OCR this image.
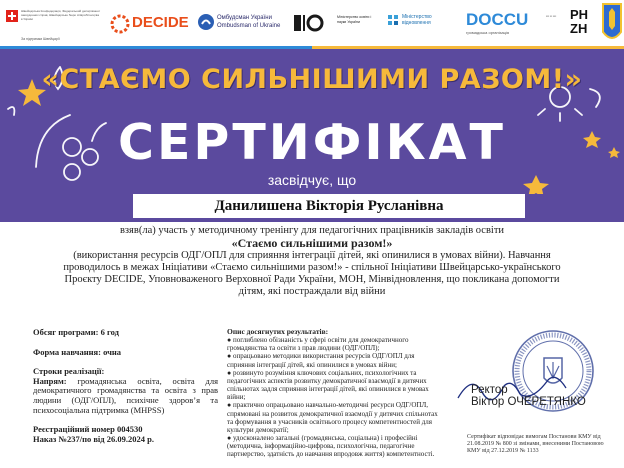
Швейцарська Конфедерація, Федеральний департамент закордонних справ, Швейцарське бюро співробітництва в Україні
За підтримки Швейцарії
DECIDE	Омбудсман України
Ombudsman of Ukraine
Міністерство освіти і науки України
Міністерство відновлення	DOCCU
громадська організація
▪▪▪ ▪▪ ▪▪▪ PH
ZH
«СТАЄМО СИЛЬНІШИМИ РАЗОМ!»
СЕРТИФІКАТ
засвідчує, що
Данилишена Вікторія Русланівна
взяв(ла) участь у методичному тренінгу для педагогічних працівників закладів освіти
«Стаємо сильнішими разом!»
(використання ресурсів ОДГ/ОПЛ для сприяння інтеграції дітей, які опинилися в умовах війни). Навчання
проводилось в межах Ініціативи «Стаємо сильнішими разом!» - спільної Ініціативи Швейцарсько-українського
Проєкту DECIDE, Уповноваженого Верховної Ради України, МОН, Мінвідновлення, що покликана допомогти
дітям, які постраждали від війни
Обсяг програми: 6 год
Форма навчання: очна
Строки реалізації:
Напрям: громадянська освіта, освіта для демократичного громадянства та освіта з прав людини (ОДГ/ОПЛ), психічне здоров’я та психосоціальна підтримка (MHPSS)
Реєстраційний номер 004530
Наказ №237/по від 26.09.2024 р.
Опис досягнутих результатів:
● поглиблено обізнаність у сфері освіти для демократичного громадянства та освіти з прав людини (ОДГ/ОПЛ);
● опрацьовано методики використання ресурсів ОДГ/ОПЛ для сприяння інтеграції дітей, які опинилися в умовах війни;
● розвинуто розуміння ключових соціальних, психологічних та педагогічних аспектів розвитку демократичної взаємодії в дитячих спільнотах задля сприяння інтеграції дітей, які опинилися в умовах війни;
● практично опрацьовано навчально-методичні ресурси ОДГ/ОПЛ, спрямовані на розвиток демократичної взаємодії у дитячих спільнотах та формування в учасників освітнього процесу компетентностей для культури демократії;
● удосконалено загальні (громадянська, соціальна) і професійні (методична, інформаційно-цифрова, психологічна, педагогічне партнерство, здатність до навчання впродовж життя) компетентності.
Ректор
Віктор ОЧЕРЕТЯНКО
Сертифікат відповідає вимогам Постанови КМУ від 21.08.2019 № 800 зі змінами, внесеними Постановою КМУ від 27.12.2019 № 1133
